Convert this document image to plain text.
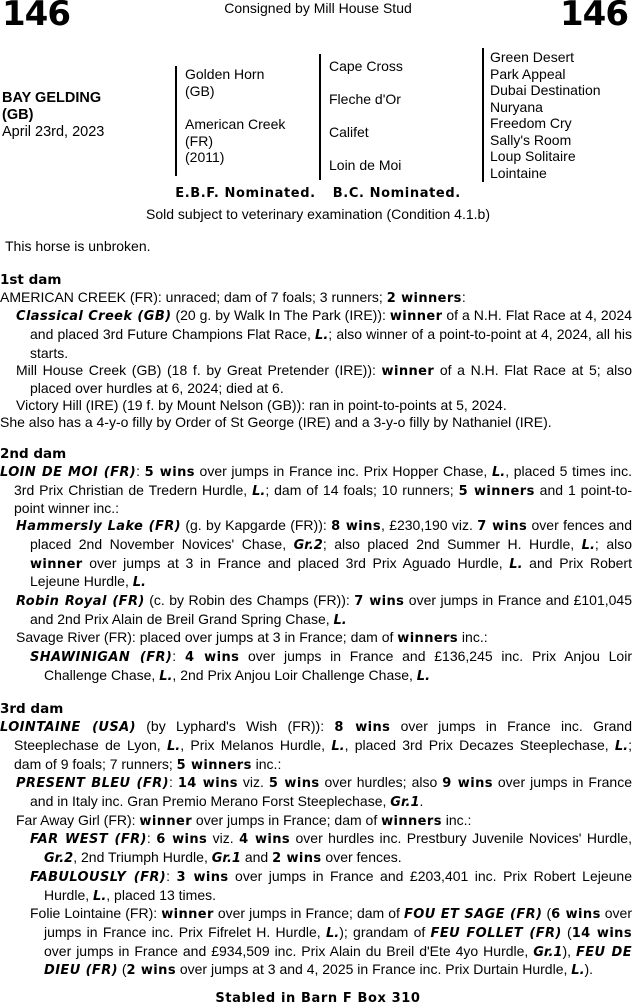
146	Consigned by Mill House Stud	146
BAY GELDING
(GB)
April 23rd, 2023
Golden Horn
(GB)
American Creek
(FR)
(2011)
Cape Cross
Fleche d'Or
Califet
Loin de Moi
Green Desert
Park Appeal
Dubai Destination
Nuryana
Freedom Cry
Sally's Room
Loup Solitaire
Lointaine
E.B.F. Nominated. B.C. Nominated.
Sold subject to veterinary examination (Condition 4.1.b)
This horse is unbroken.
1st dam
AMERICAN CREEK (FR): unraced; dam of 7 foals; 3 runners; 2 winners:
Classical Creek (GB) (20 g. by Walk In The Park (IRE)): winner of a N.H. Flat Race at 4, 2024 and placed 3rd Future Champions Flat Race, L.; also winner of a point-to-point at 4, 2024, all his starts.
Mill House Creek (GB) (18 f. by Great Pretender (IRE)): winner of a N.H. Flat Race at 5; also placed over hurdles at 6, 2024; died at 6.
Victory Hill (IRE) (19 f. by Mount Nelson (GB)): ran in point-to-points at 5, 2024.
She also has a 4-y-o filly by Order of St George (IRE) and a 3-y-o filly by Nathaniel (IRE).
2nd dam
LOIN DE MOI (FR): 5 wins over jumps in France inc. Prix Hopper Chase, L., placed 5 times inc. 3rd Prix Christian de Tredern Hurdle, L.; dam of 14 foals; 10 runners; 5 winners and 1 point-to-point winner inc.:
Hammersly Lake (FR) (g. by Kapgarde (FR)): 8 wins, £230,190 viz. 7 wins over fences and placed 2nd November Novices' Chase, Gr.2; also placed 2nd Summer H. Hurdle, L.; also winner over jumps at 3 in France and placed 3rd Prix Aguado Hurdle, L. and Prix Robert Lejeune Hurdle, L.
Robin Royal (FR) (c. by Robin des Champs (FR)): 7 wins over jumps in France and £101,045 and 2nd Prix Alain de Breil Grand Spring Chase, L.
Savage River (FR): placed over jumps at 3 in France; dam of winners inc.:
SHAWINIGAN (FR): 4 wins over jumps in France and £136,245 inc. Prix Anjou Loir Challenge Chase, L., 2nd Prix Anjou Loir Challenge Chase, L.
3rd dam
LOINTAINE (USA) (by Lyphard's Wish (FR)): 8 wins over jumps in France inc. Grand Steeplechase de Lyon, L., Prix Melanos Hurdle, L., placed 3rd Prix Decazes Steeplechase, L.; dam of 9 foals; 7 runners; 5 winners inc.:
PRESENT BLEU (FR): 14 wins viz. 5 wins over hurdles; also 9 wins over jumps in France and in Italy inc. Gran Premio Merano Forst Steeplechase, Gr.1.
Far Away Girl (FR): winner over jumps in France; dam of winners inc.:
FAR WEST (FR): 6 wins viz. 4 wins over hurdles inc. Prestbury Juvenile Novices' Hurdle, Gr.2, 2nd Triumph Hurdle, Gr.1 and 2 wins over fences.
FABULOUSLY (FR): 3 wins over jumps in France and £203,401 inc. Prix Robert Lejeune Hurdle, L., placed 13 times.
Folie Lointaine (FR): winner over jumps in France; dam of FOU ET SAGE (FR) (6 wins over jumps in France inc. Prix Fifrelet H. Hurdle, L.); grandam of FEU FOLLET (FR) (14 wins over jumps in France and £934,509 inc. Prix Alain du Breil d'Ete 4yo Hurdle, Gr.1), FEU DE DIEU (FR) (2 wins over jumps at 3 and 4, 2025 in France inc. Prix Durtain Hurdle, L.).
Stabled in Barn F Box 310
